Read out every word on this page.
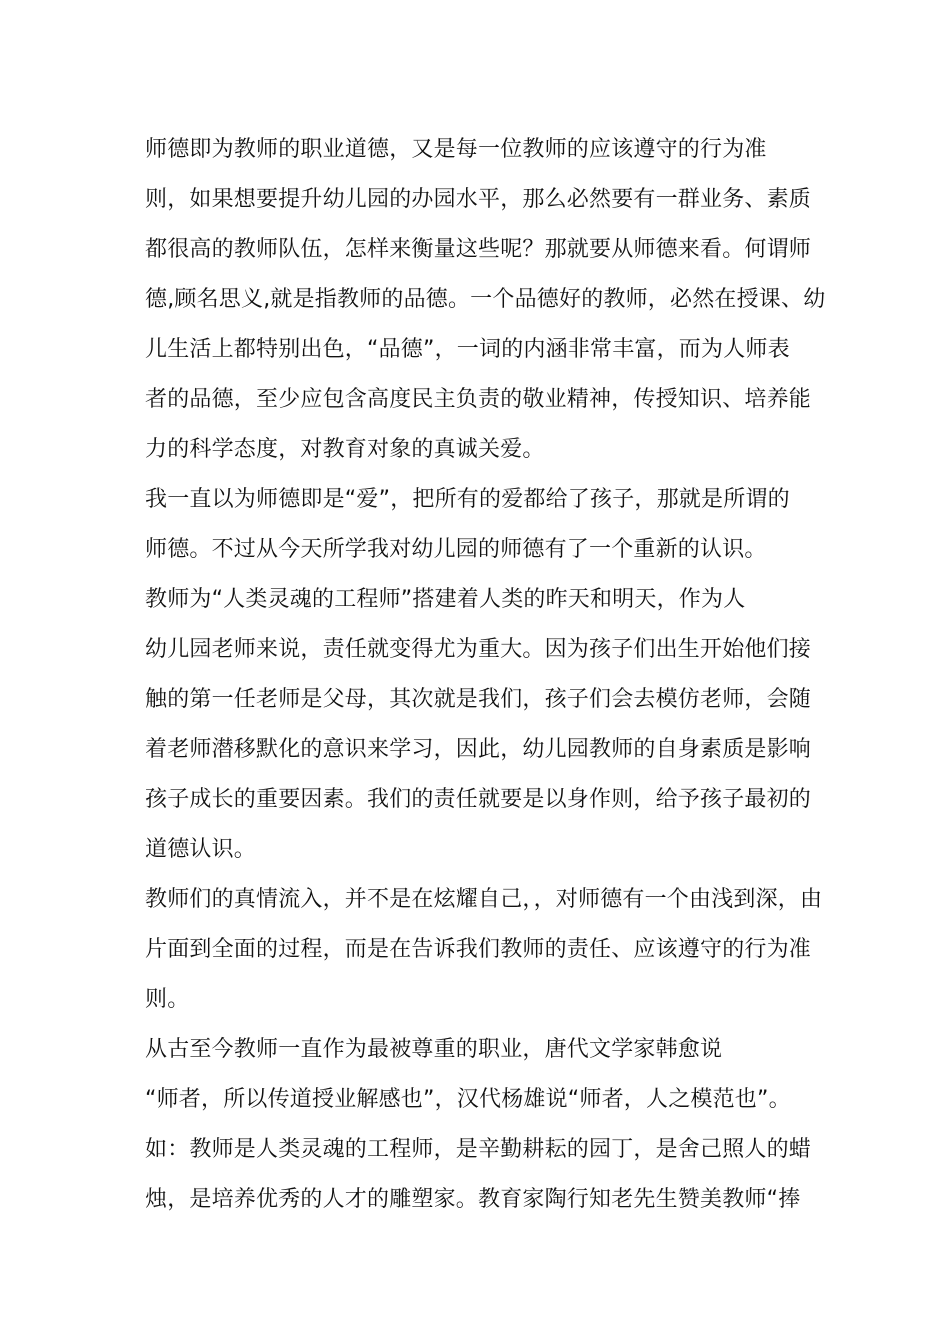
师德即为教师的职业道德，又是每一位教师的应该遵守的行为准
则，如果想要提升幼儿园的办园水平，那么必然要有一群业务、素质
都很高的教师队伍，怎样来衡量这些呢？那就要从师德来看。何谓师
德,顾名思义,就是指教师的品德。一个品德好的教师，必然在授课、幼
儿生活上都特别出色，“品德”，一词的内涵非常丰富，而为人师表
者的品德，至少应包含高度民主负责的敬业精神，传授知识、培养能
力的科学态度，对教育对象的真诚关爱。
我一直以为师德即是“爱”，把所有的爱都给了孩子，那就是所谓的
师德。不过从今天所学我对幼儿园的师德有了一个重新的认识。
教师为“人类灵魂的工程师”搭建着人类的昨天和明天，作为人
幼儿园老师来说，责任就变得尤为重大。因为孩子们出生开始他们接
触的第一任老师是父母，其次就是我们，孩子们会去模仿老师，会随
着老师潜移默化的意识来学习，因此，幼儿园教师的自身素质是影响
孩子成长的重要因素。我们的责任就要是以身作则，给予孩子最初的
道德认识。
教师们的真情流入，并不是在炫耀自己，，对师德有一个由浅到深，由
片面到全面的过程，而是在告诉我们教师的责任、应该遵守的行为准
则。
从古至今教师一直作为最被尊重的职业，唐代文学家韩愈说
“师者，所以传道授业解感也”，汉代杨雄说“师者，人之模范也”。
如：教师是人类灵魂的工程师，是辛勤耕耘的园丁，是舍己照人的蜡
烛，是培养优秀的人才的雕塑家。教育家陶行知老先生赞美教师“捧
